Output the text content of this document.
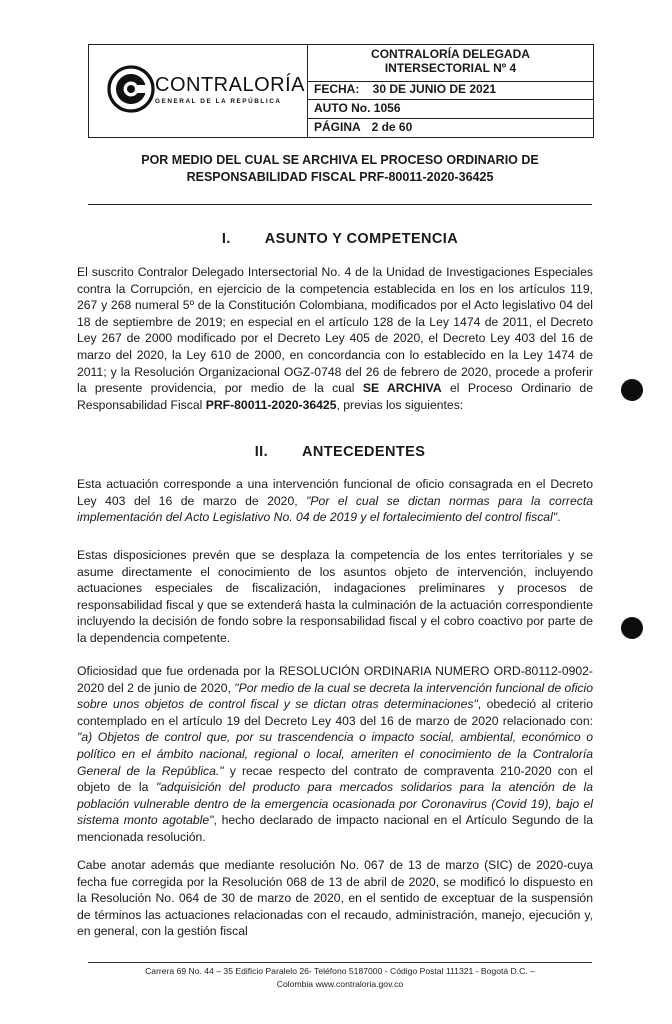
CONTRALORÍA
GENERAL DE LA REPÚBLICA
CONTRALORÍA DELEGADA
INTERSECTORIAL Nº 4
FECHA: 30 DE JUNIO DE 2021
AUTO No. 1056
PÁGINA 2 de 60
POR MEDIO DEL CUAL SE ARCHIVA EL PROCESO ORDINARIO DE
RESPONSABILIDAD FISCAL PRF-80011-2020-36425
I. ASUNTO Y COMPETENCIA
El suscrito Contralor Delegado Intersectorial No. 4 de la Unidad de Investigaciones Especiales contra la Corrupción, en ejercicio de la competencia establecida en los en los artículos 119, 267 y 268 numeral 5º de la Constitución Colombiana, modificados por el Acto legislativo 04 del 18 de septiembre de 2019; en especial en el artículo 128 de la Ley 1474 de 2011, el Decreto Ley 267 de 2000 modificado por el Decreto Ley 405 de 2020, el Decreto Ley 403 del 16 de marzo del 2020, la Ley 610 de 2000, en concordancia con lo establecido en la Ley 1474 de 2011; y la Resolución Organizacional OGZ-0748 del 26 de febrero de 2020, procede a proferir la presente providencia, por medio de la cual SE ARCHIVA el Proceso Ordinario de Responsabilidad Fiscal PRF-80011-2020-36425, previas los siguientes:
II. ANTECEDENTES
Esta actuación corresponde a una intervención funcional de oficio consagrada en el Decreto Ley 403 del 16 de marzo de 2020, "Por el cual se dictan normas para la correcta implementación del Acto Legislativo No. 04 de 2019 y el fortalecimiento del control fiscal".
Estas disposiciones prevén que se desplaza la competencia de los entes territoriales y se asume directamente el conocimiento de los asuntos objeto de intervención, incluyendo actuaciones especiales de fiscalización, indagaciones preliminares y procesos de responsabilidad fiscal y que se extenderá hasta la culminación de la actuación correspondiente incluyendo la decisión de fondo sobre la responsabilidad fiscal y el cobro coactivo por parte de la dependencia competente.
Oficiosidad que fue ordenada por la RESOLUCIÓN ORDINARIA NUMERO ORD-80112-0902-2020 del 2 de junio de 2020, "Por medio de la cual se decreta la intervención funcional de oficio sobre unos objetos de control fiscal y se dictan otras determinaciones", obedeció al criterio contemplado en el artículo 19 del Decreto Ley 403 del 16 de marzo de 2020 relacionado con: "a) Objetos de control que, por su trascendencia o impacto social, ambiental, económico o político en el ámbito nacional, regional o local, ameriten el conocimiento de la Contraloría General de la República." y recae respecto del contrato de compraventa 210-2020 con el objeto de la "adquisición del producto para mercados solidarios para la atención de la población vulnerable dentro de la emergencia ocasionada por Coronavirus (Covid 19), bajo el sistema monto agotable", hecho declarado de impacto nacional en el Artículo Segundo de la mencionada resolución.
Cabe anotar además que mediante resolución No. 067 de 13 de marzo (SIC) de 2020-cuya fecha fue corregida por la Resolución 068 de 13 de abril de 2020, se modificó lo dispuesto en la Resolución No. 064 de 30 de marzo de 2020, en el sentido de exceptuar de la suspensión de términos las actuaciones relacionadas con el recaudo, administración, manejo, ejecución y, en general, con la gestión fiscal
Carrera 69 No. 44 – 35 Edificio Paralelo 26- Teléfono 5187000 - Código Postal 111321 - Bogotá D.C. –
Colombia www.contraloria.gov.co
